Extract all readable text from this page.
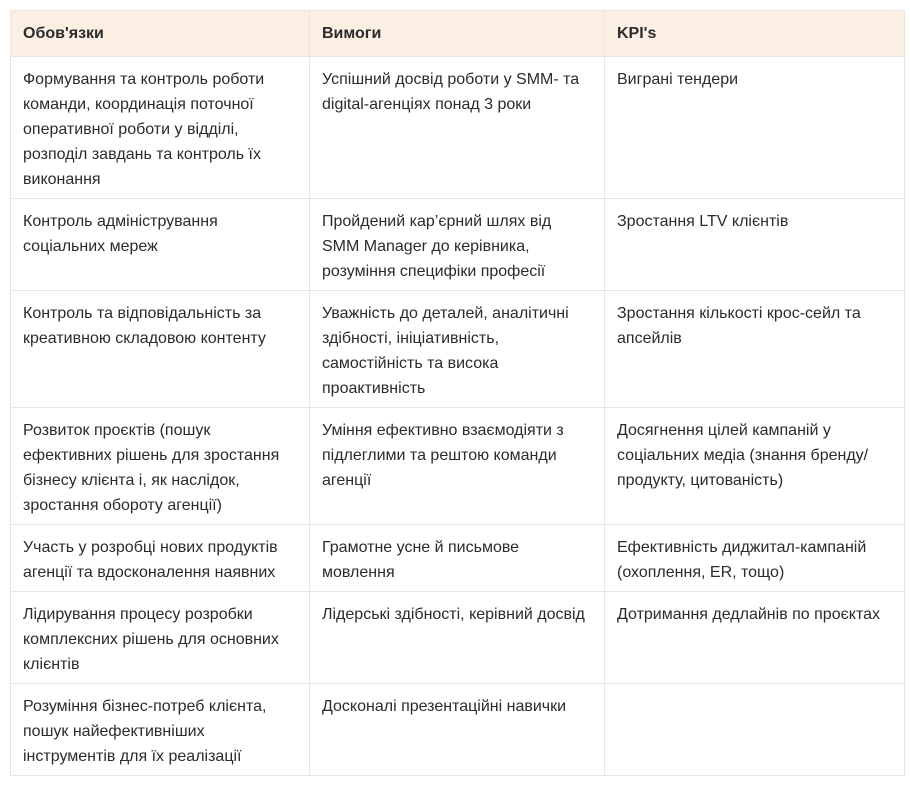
Обов'язки	Вимоги	KPI's
Формування та контроль роботи команди, координація поточної оперативної роботи у відділі, розподіл завдань та контроль їх виконання	Успішний досвід роботи у SMM- та digital-агенціях понад 3 роки	Виграні тендери
Контроль адміністрування соціальних мереж	Пройдений кар’єрний шлях від SMM Manager до керівника, розуміння специфіки професії	Зростання LTV клієнтів
Контроль та відповідальність за креативною складовою контенту	Уважність до деталей, аналітичні здібності, ініціативність, самостійність та висока проактивність	Зростання кількості крос-сейл та апсейлів
Розвиток проєктів (пошук ефективних рішень для зростання бізнесу клієнта і, як наслідок, зростання обороту агенції)	Уміння ефективно взаємодіяти з підлеглими та рештою команди агенції	Досягнення цілей кампаній у соціальних медіа (знання бренду/продукту, цитованість)
Участь у розробці нових продуктів агенції та вдосконалення наявних	Грамотне усне й письмове мовлення	Ефективність диджитал-кампаній (охоплення, ER, тощо)
Лідирування процесу розробки комплексних рішень для основних клієнтів	Лідерські здібності, керівний досвід	Дотримання дедлайнів по проєктах
Розуміння бізнес-потреб клієнта, пошук найефективніших інструментів для їх реалізації	Досконалі презентаційні навички	
